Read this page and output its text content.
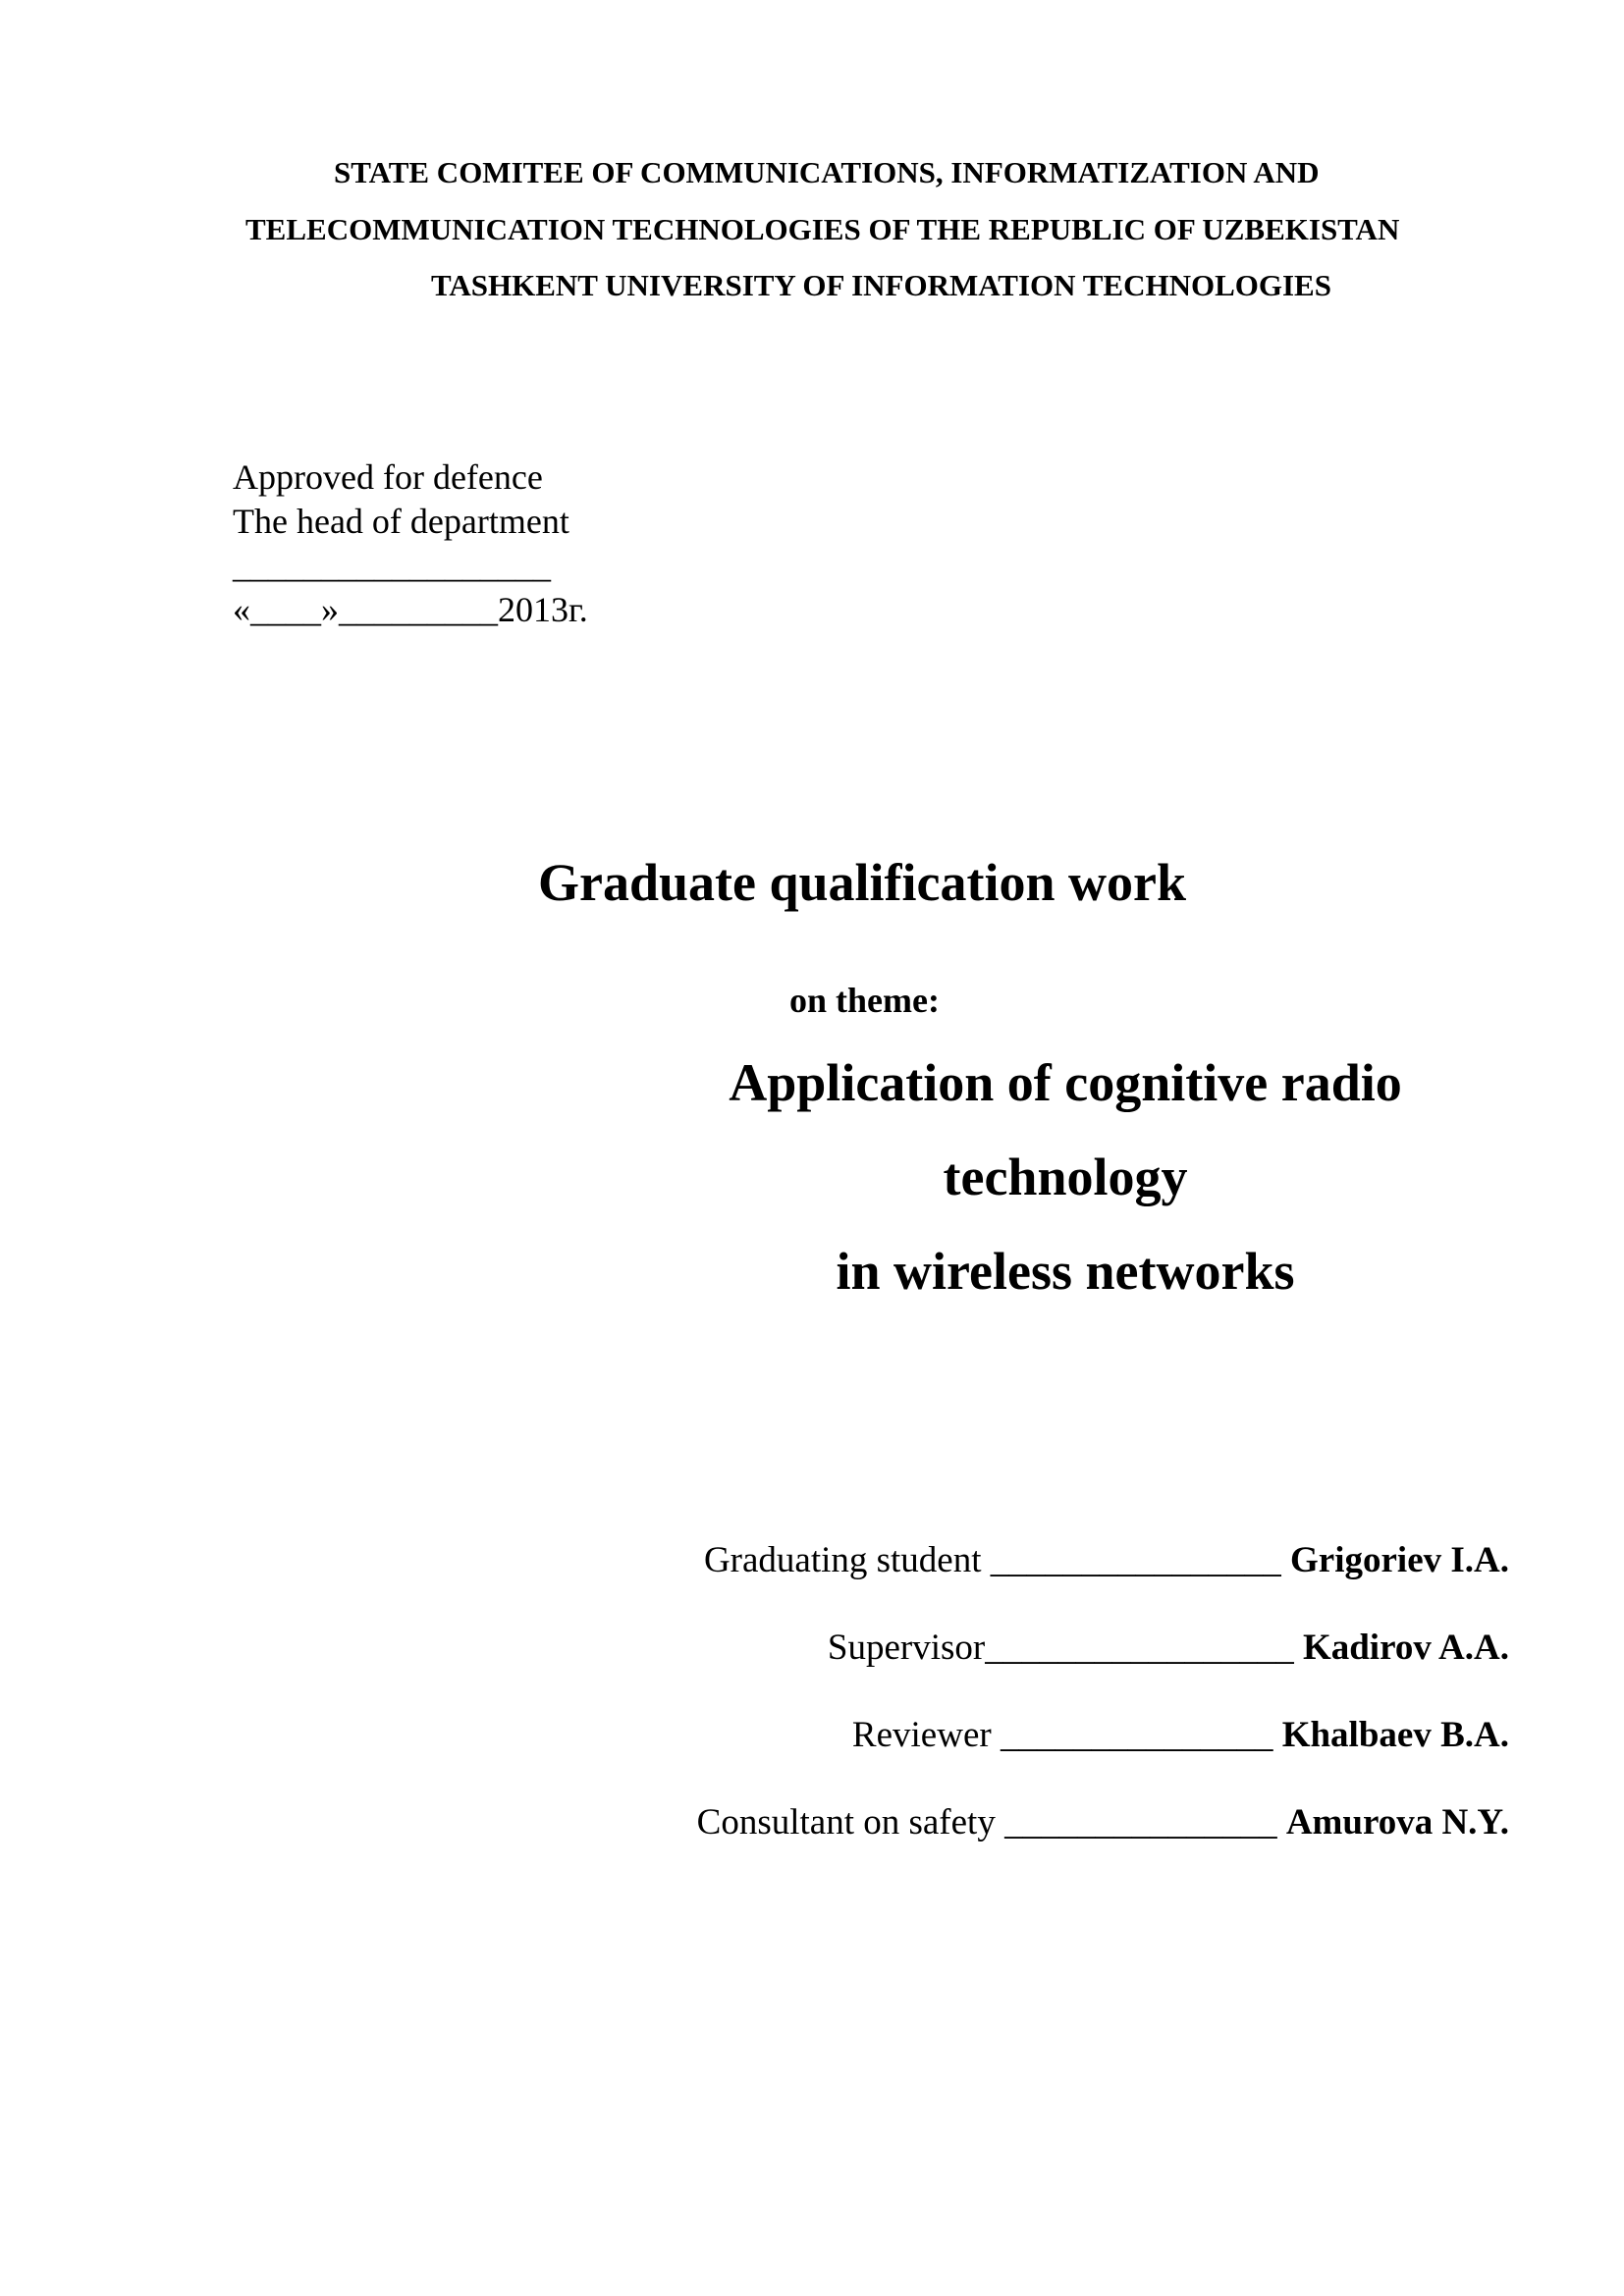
STATE COMITEE OF COMMUNICATIONS, INFORMATIZATION AND
TELECOMMUNICATION TECHNOLOGIES OF THE REPUBLIC OF UZBEKISTAN
TASHKENT UNIVERSITY OF INFORMATION TECHNOLOGIES
Approved for defence
The head of department
__________________
«____»_________2013г.
Graduate qualification work
on theme:
Application of cognitive radio
technology
in wireless networks
Graduating student ________________ Grigoriev I.A.
Supervisor_________________ Kadirov A.A.
Reviewer _______________ Khalbaev B.A.
Consultant on safety _______________ Amurova N.Y.
